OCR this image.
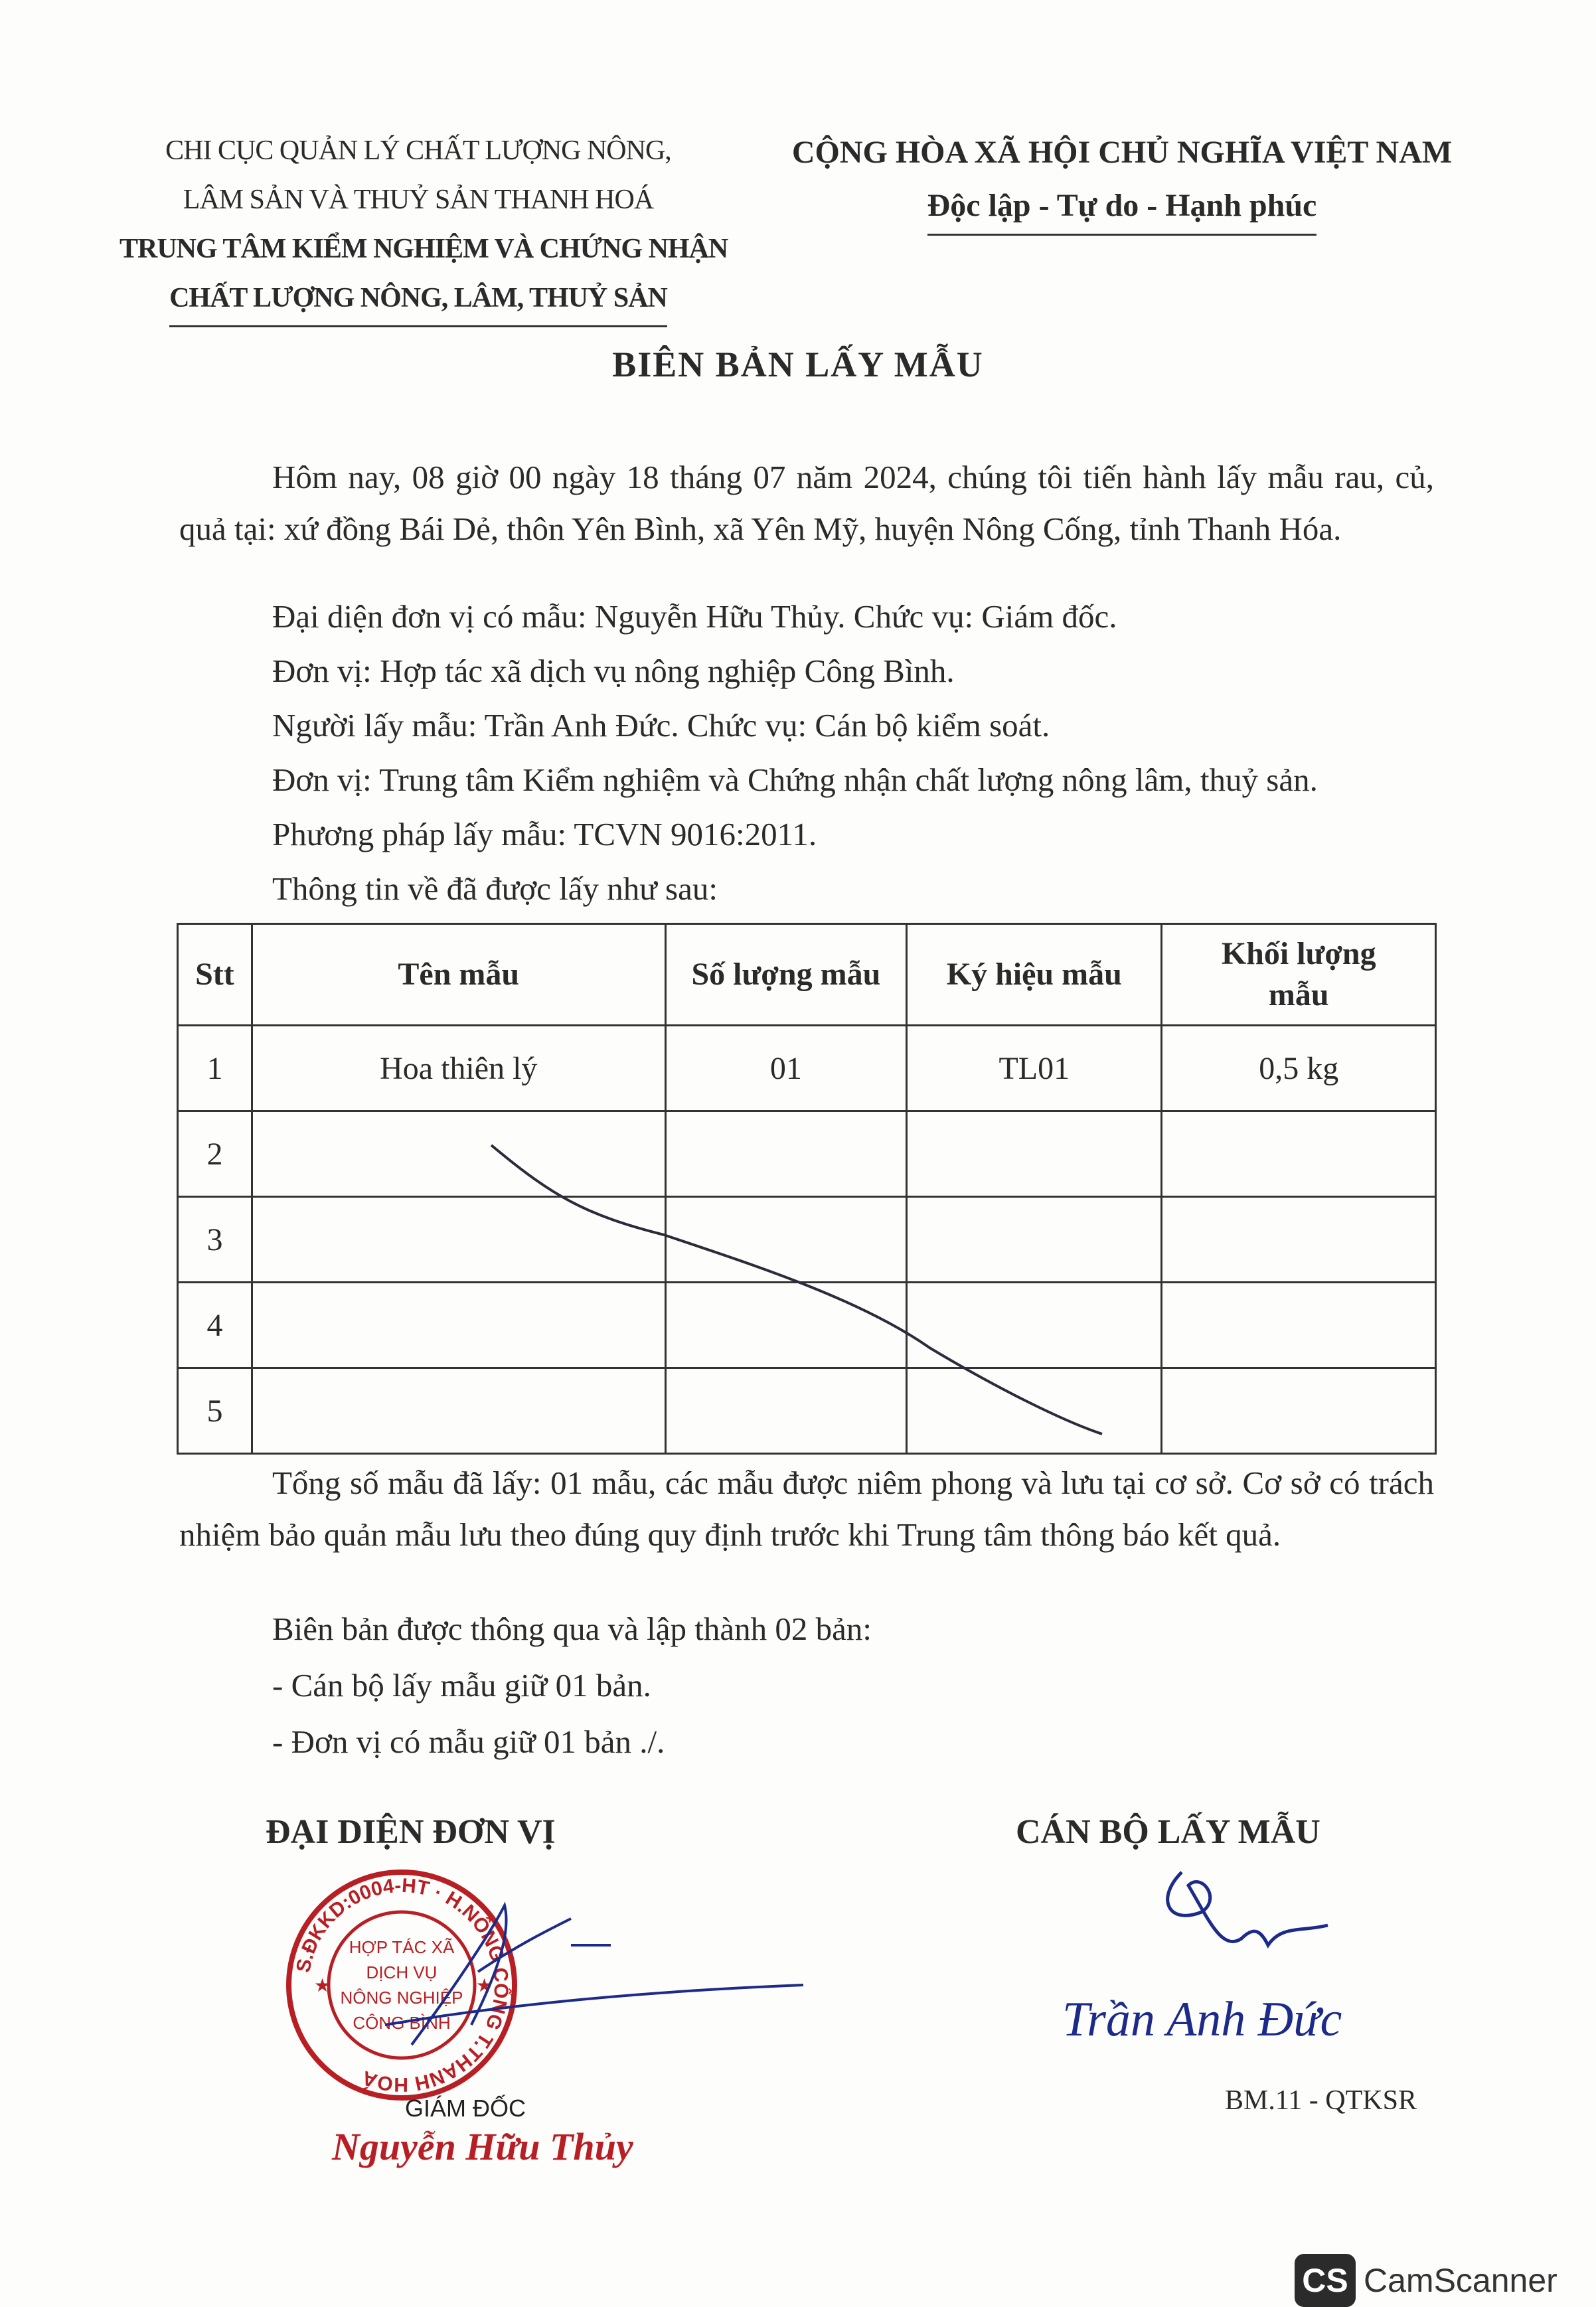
CHI CỤC QUẢN LÝ CHẤT LƯỢNG NÔNG,
LÂM SẢN VÀ THUỶ SẢN THANH HOÁ
TRUNG TÂM KIỂM NGHIỆM VÀ CHỨNG NHẬN
CHẤT LƯỢNG NÔNG, LÂM, THUỶ SẢN
CỘNG HÒA XÃ HỘI CHỦ NGHĨA VIỆT NAM
Độc lập - Tự do - Hạnh phúc
BIÊN BẢN LẤY MẪU
Hôm nay, 08 giờ 00 ngày 18 tháng 07 năm 2024, chúng tôi tiến hành lấy mẫu rau, củ, quả tại: xứ đồng Bái Dẻ, thôn Yên Bình, xã Yên Mỹ, huyện Nông Cống, tỉnh Thanh Hóa.
Đại diện đơn vị có mẫu: Nguyễn Hữu Thủy. Chức vụ: Giám đốc.
Đơn vị: Hợp tác xã dịch vụ nông nghiệp Công Bình.
Người lấy mẫu: Trần Anh Đức. Chức vụ: Cán bộ kiểm soát.
Đơn vị: Trung tâm Kiểm nghiệm và Chứng nhận chất lượng nông lâm, thuỷ sản.
Phương pháp lấy mẫu: TCVN 9016:2011.
Thông tin về đã được lấy như sau:
Stt	Tên mẫu	Số lượng mẫu	Ký hiệu mẫu	Khối lượng mẫu
1	Hoa thiên lý	01	TL01	0,5 kg
2				
3				
4				
5				
Tổng số mẫu đã lấy: 01 mẫu, các mẫu được niêm phong và lưu tại cơ sở. Cơ sở có trách nhiệm bảo quản mẫu lưu theo đúng quy định trước khi Trung tâm thông báo kết quả.
Biên bản được thông qua và lập thành 02 bản:
- Cán bộ lấy mẫu giữ 01 bản.
- Đơn vị có mẫu giữ 01 bản ./.
ĐẠI DIỆN ĐƠN VỊ	CÁN BỘ LẤY MẪU
S.ĐKKD:0004-HT · H.NÔNG CỐNG T.THANH HOÁ
HỢP TÁC XÃ
DỊCH VỤ
NÔNG NGHIỆP
CÔNG BÌNH
★	★
GIÁM ĐỐC
Nguyễn Hữu Thủy
Trần Anh Đức
BM.11 - QTKSR
CS CamScanner
